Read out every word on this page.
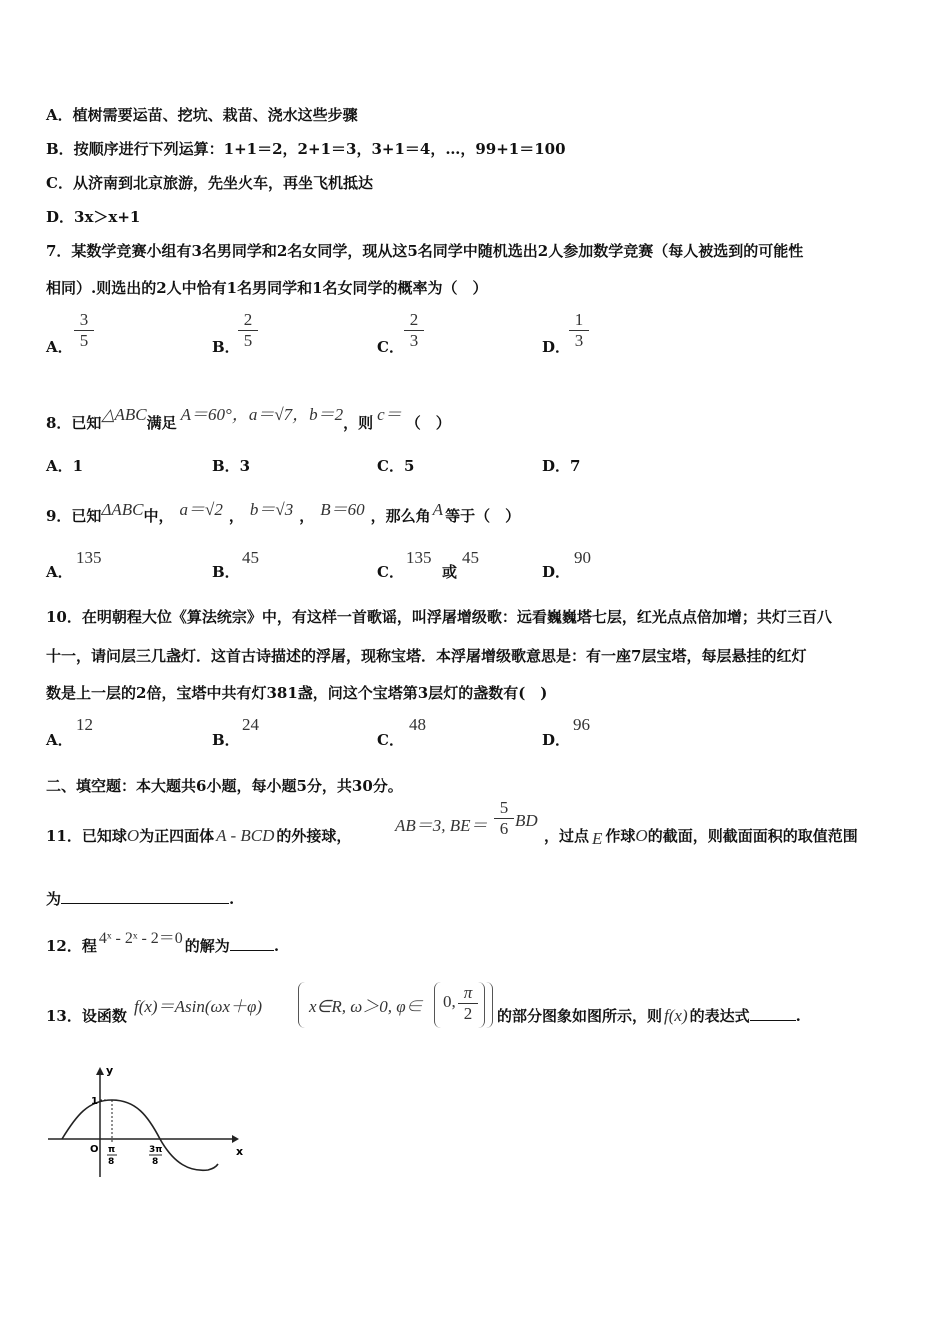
A．植树需要运苗、挖坑、栽苗、浇水这些步骤
B．按顺序进行下列运算：1+1＝2，2+1＝3，3+1＝4，…，99+1＝100
C．从济南到北京旅游，先坐火车，再坐飞机抵达
D．3x＞x+1
7．某数学竞赛小组有3名男同学和2名女同学，现从这5名同学中随机选出2人参加数学竞赛（每人被选到的可能性
相同）.则选出的2人中恰有1名男同学和1名女同学的概率为（　）
A．
3
5	B．
2
5	C．
2
3	D．
1
3
8．已知△ABC满足 A＝60°，a＝√7，b＝2，则 c＝ （　）
A．1	B．3	C．5	D．7
9．已知ΔABC中， a＝√2 ， b＝√3 ， B＝60 ，那么角 A 等于（　）
A．
135
B．
45
C．
135
或
45
D．
90
10．在明朝程大位《算法统宗》中，有这样一首歌谣，叫浮屠增级歌：远看巍巍塔七层，红光点点倍加增；共灯三百八
十一，请问层三几盏灯．这首古诗描述的浮屠，现称宝塔．本浮屠增级歌意思是：有一座7层宝塔，每层悬挂的红灯
数是上一层的2倍，宝塔中共有灯381盏，问这个宝塔第3层灯的盏数有(　)
A．
12
B．
24
C．
48
D．
96
二、填空题：本大题共6小题，每小题5分，共30分。
11．已知球O为正四面体 A - BCD 的外接球，
AB＝3, BE＝
5
6 BD
，过点 E 作球O的截面，则截面面积的取值范围
为	.
12．程 4ˣ - 2ˣ - 2＝0 的解为	.
13．设函数 f(x)＝Asin(ωx＋φ)	x∈R, ω＞0, φ∈ 0, π
2	的部分图象如图所示，则 f(x) 的表达式	.
y
x
O
1
π
8
3π
8
